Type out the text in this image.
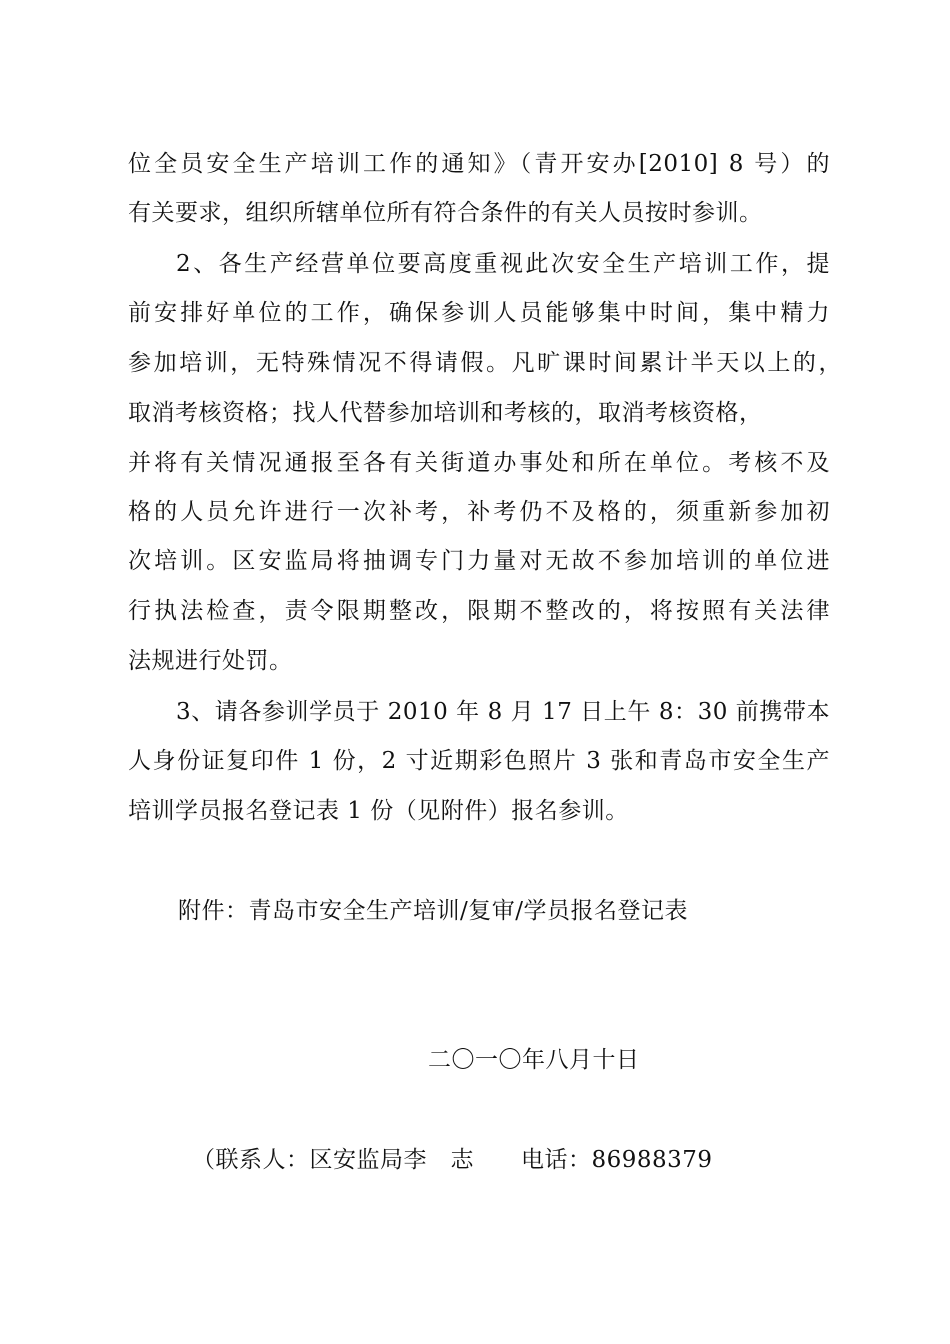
位全员安全生产培训工作的通知》（青开安办[2010] 8 号）的
有关要求，组织所辖单位所有符合条件的有关人员按时参训。
2、各生产经营单位要高度重视此次安全生产培训工作，提
前安排好单位的工作，确保参训人员能够集中时间，集中精力
参加培训，无特殊情况不得请假。凡旷课时间累计半天以上的，
取消考核资格；找人代替参加培训和考核的，取消考核资格，
并将有关情况通报至各有关街道办事处和所在单位。考核不及
格的人员允许进行一次补考，补考仍不及格的，须重新参加初
次培训。区安监局将抽调专门力量对无故不参加培训的单位进
行执法检查，责令限期整改，限期不整改的，将按照有关法律
法规进行处罚。
3、请各参训学员于 2010 年 8 月 17 日上午 8：30 前携带本
人身份证复印件 1 份，2 寸近期彩色照片 3 张和青岛市安全生产
培训学员报名登记表 1 份（见附件）报名参训。
附件：青岛市安全生产培训/复审/学员报名登记表
二〇一〇年八月十日
（联系人：区安监局李　志　　电话：86988379
